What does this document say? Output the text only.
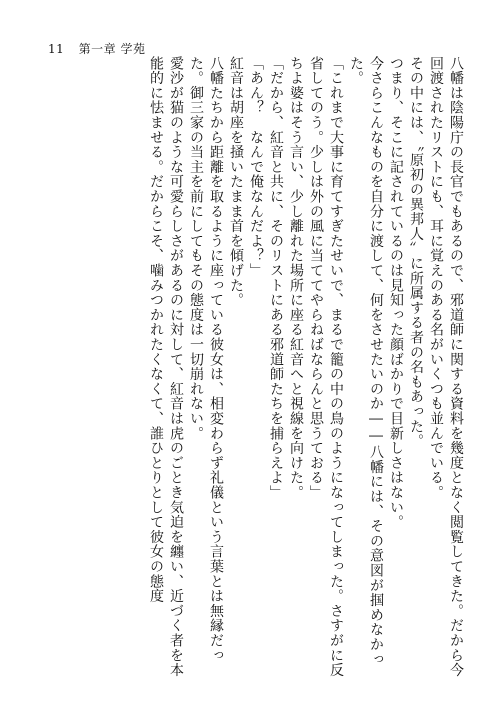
11 第一章 学苑

八幡は陰陽庁の長官でもあるので、邪道師に関する資料を幾度となく閲覧してきた。だから今回渡されたリストにも、耳に覚えのある名がいくつも並んでいる。

その中には、〝原初の異邦人〟に所属する者の名もあった。

つまり、そこに記されているのは見知った顔ばかりで目新しさはない。

今さらこんなものを自分に渡して、何をさせたいのか――八幡には、その意図が掴めなかった。

「これまで大事に育てすぎたせいで、まるで籠の中の鳥のようになってしまった。さすがに反省してのう。少しは外の風に当ててやらねばならんと思うておる」

ちよ婆はそう言い、少し離れた場所に座る紅音へと視線を向けた。

「だから、紅音と共に、そのリストにある邪道師たちを捕らえよ」

「あん？　なんで俺なんだよ？」

紅音は胡座を掻いたまま首を傾げた。

八幡たちから距離を取るように座っている彼女は、相変わらず礼儀という言葉とは無縁だった。御三家の当主を前にしてもその態度は一切崩れない。

愛沙が猫のような可愛らしさがあるのに対して、紅音は虎のごとき気迫を纏い、近づく者を本能的に怯ませる。だからこそ、噛みつかれたくなくて、誰ひとりとして彼女の態度
